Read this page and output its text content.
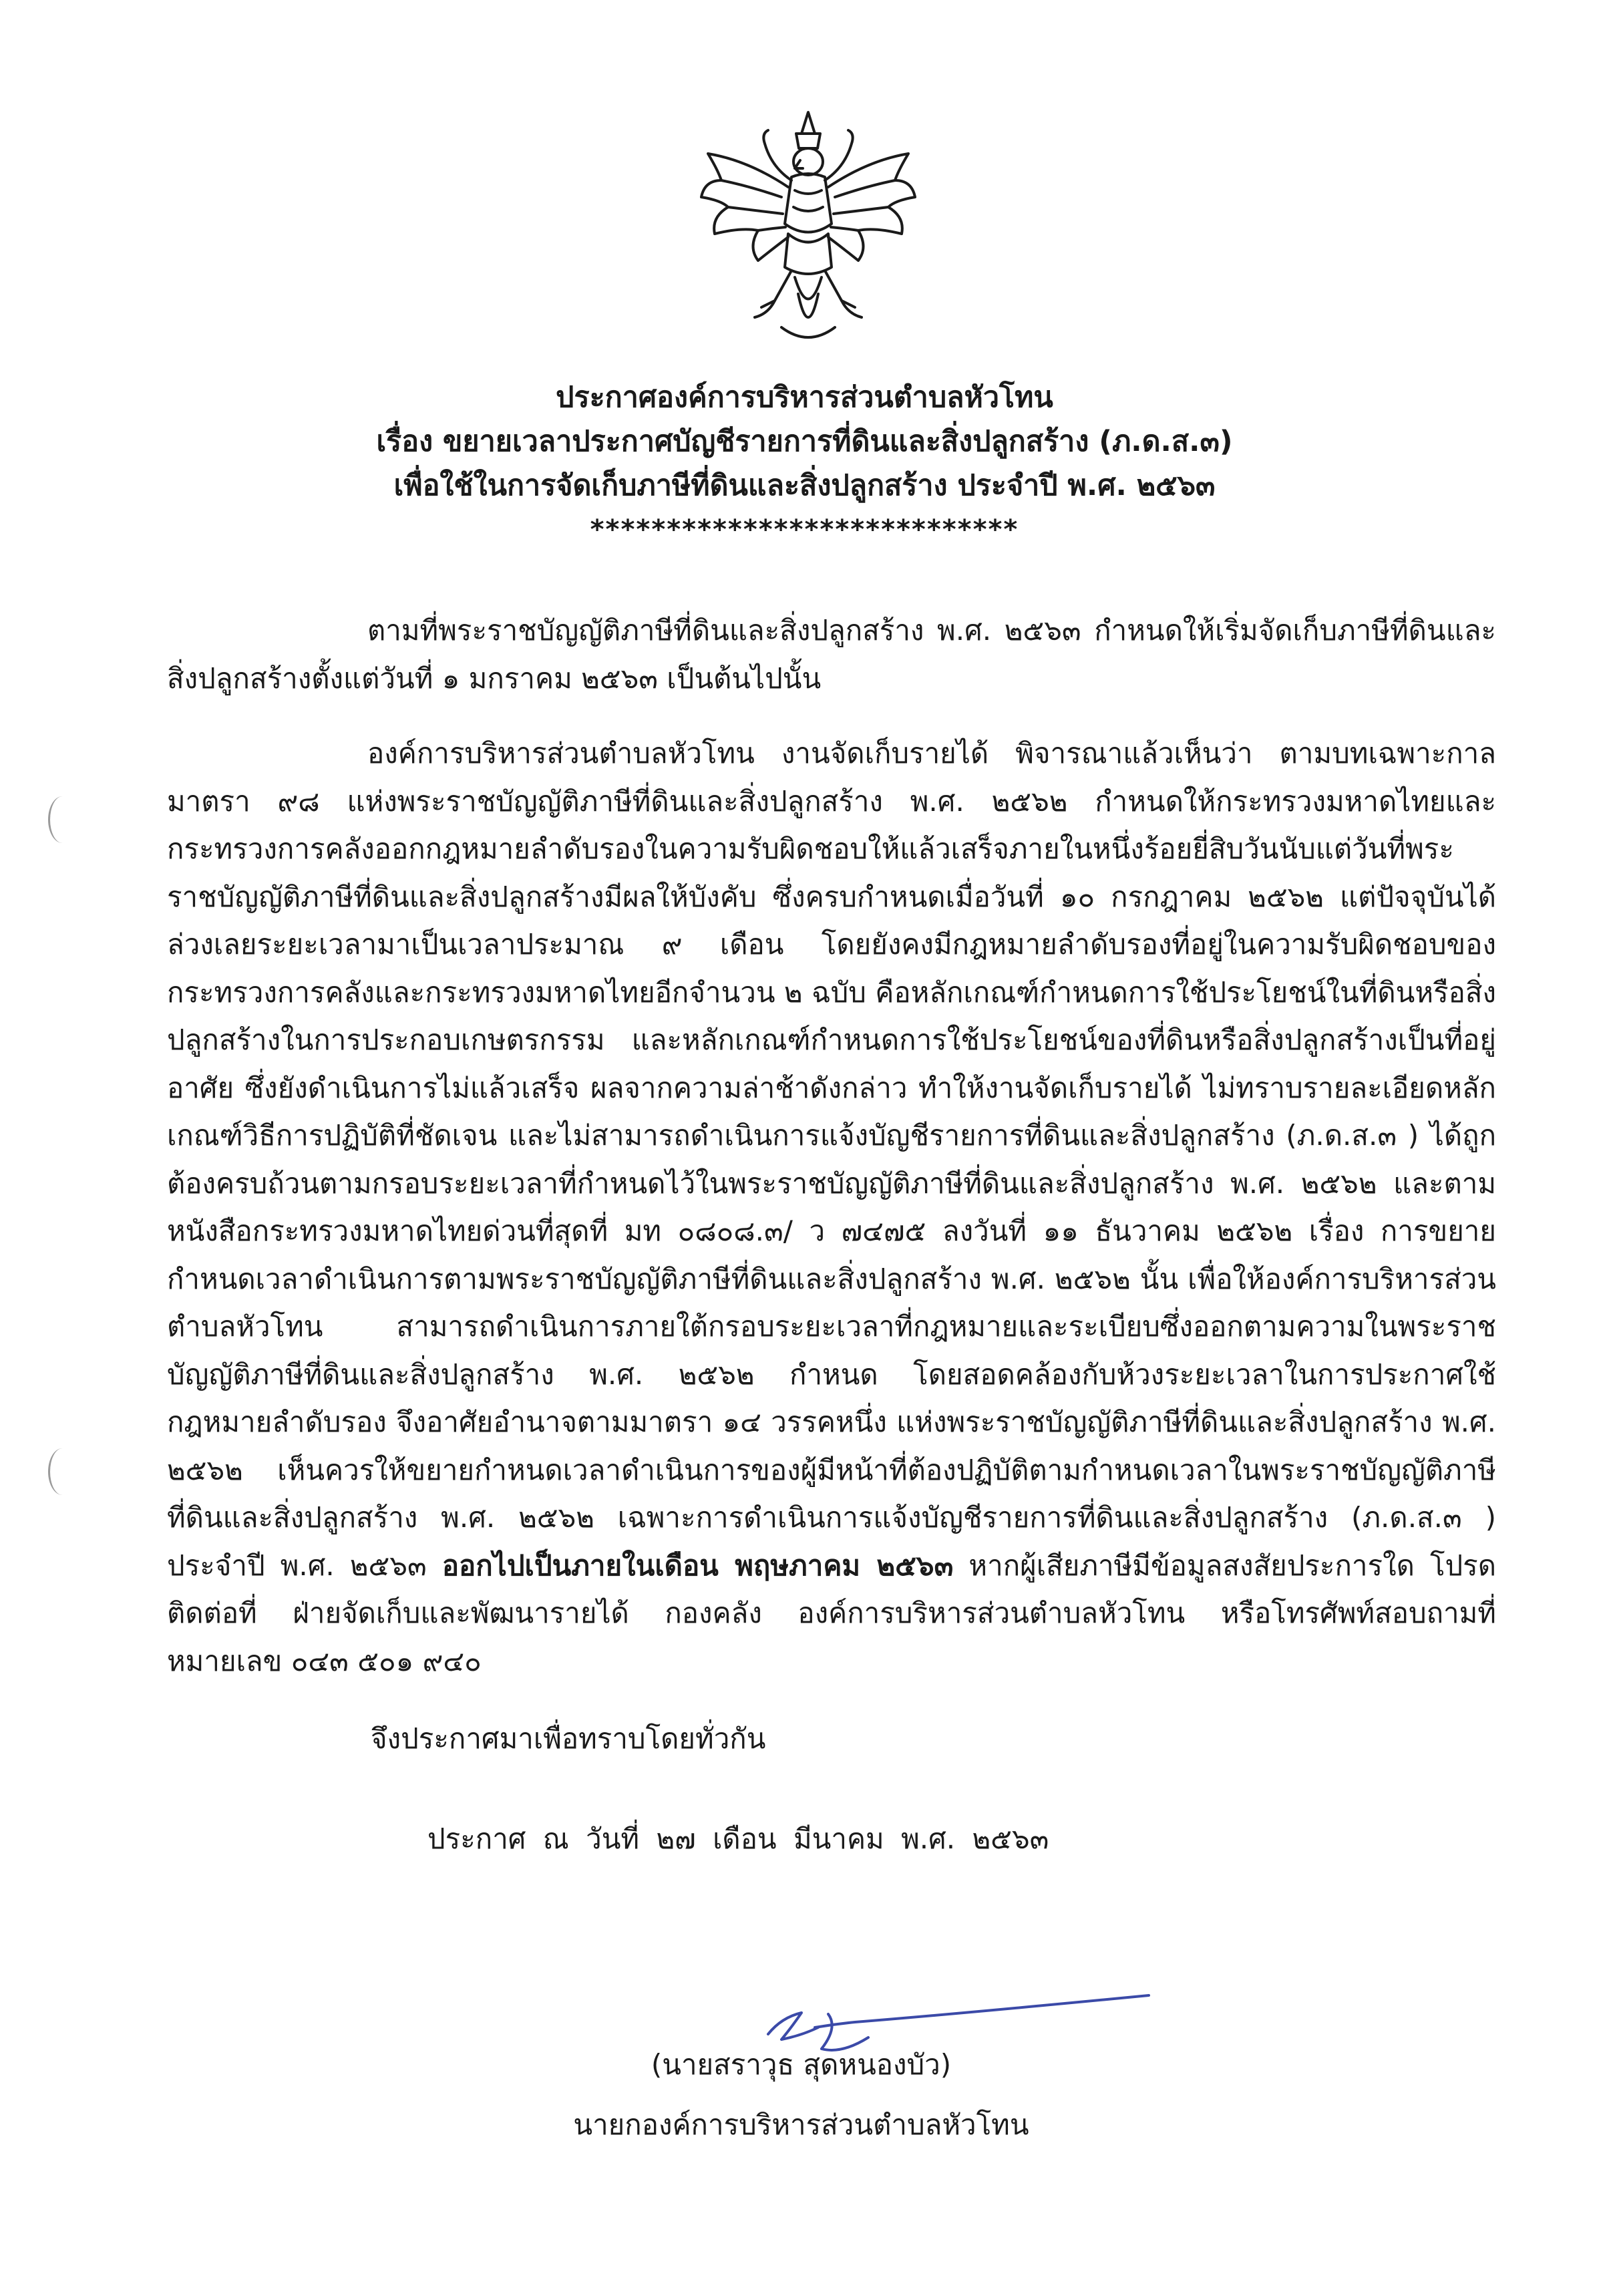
ประกาศองค์การบริหารส่วนตำบลหัวโทน
เรื่อง ขยายเวลาประกาศบัญชีรายการที่ดินและสิ่งปลูกสร้าง (ภ.ด.ส.๓)
เพื่อใช้ในการจัดเก็บภาษีที่ดินและสิ่งปลูกสร้าง ประจำปี พ.ศ. ๒๕๖๓
****************************
ตามที่พระราชบัญญัติภาษีที่ดินและสิ่งปลูกสร้าง พ.ศ. ๒๕๖๓ กำหนดให้เริ่มจัดเก็บภาษีที่ดินและสิ่งปลูกสร้างตั้งแต่วันที่ ๑ มกราคม ๒๕๖๓ เป็นต้นไปนั้น
องค์การบริหารส่วนตำบลหัวโทน งานจัดเก็บรายได้ พิจารณาแล้วเห็นว่า ตามบทเฉพาะกาลมาตรา ๙๘ แห่งพระราชบัญญัติภาษีที่ดินและสิ่งปลูกสร้าง พ.ศ. ๒๕๖๒ กำหนดให้กระทรวงมหาดไทยและกระทรวงการคลังออกกฎหมายลำดับรองในความรับผิดชอบให้แล้วเสร็จภายในหนึ่งร้อยยี่สิบวันนับแต่วันที่พระราชบัญญัติภาษีที่ดินและสิ่งปลูกสร้างมีผลให้บังคับ ซึ่งครบกำหนดเมื่อวันที่ ๑๐ กรกฎาคม ๒๕๖๒ แต่ปัจจุบันได้ล่วงเลยระยะเวลามาเป็นเวลาประมาณ ๙ เดือน โดยยังคงมีกฎหมายลำดับรองที่อยู่ในความรับผิดชอบของกระทรวงการคลังและกระทรวงมหาดไทยอีกจำนวน ๒ ฉบับ คือหลักเกณฑ์กำหนดการใช้ประโยชน์ในที่ดินหรือสิ่งปลูกสร้างในการประกอบเกษตรกรรม และหลักเกณฑ์กำหนดการใช้ประโยชน์ของที่ดินหรือสิ่งปลูกสร้างเป็นที่อยู่อาศัย ซึ่งยังดำเนินการไม่แล้วเสร็จ ผลจากความล่าช้าดังกล่าว ทำให้งานจัดเก็บรายได้ ไม่ทราบรายละเอียดหลักเกณฑ์วิธีการปฏิบัติที่ชัดเจน และไม่สามารถดำเนินการแจ้งบัญชีรายการที่ดินและสิ่งปลูกสร้าง (ภ.ด.ส.๓ ) ได้ถูกต้องครบถ้วนตามกรอบระยะเวลาที่กำหนดไว้ในพระราชบัญญัติภาษีที่ดินและสิ่งปลูกสร้าง พ.ศ. ๒๕๖๒ และตามหนังสือกระทรวงมหาดไทยด่วนที่สุดที่ มท ๐๘๐๘.๓/ ว ๗๔๗๕ ลงวันที่ ๑๑ ธันวาคม ๒๕๖๒ เรื่อง การขยายกำหนดเวลาดำเนินการตามพระราชบัญญัติภาษีที่ดินและสิ่งปลูกสร้าง พ.ศ. ๒๕๖๒ นั้น เพื่อให้องค์การบริหารส่วนตำบลหัวโทน สามารถดำเนินการภายใต้กรอบระยะเวลาที่กฎหมายและระเบียบซึ่งออกตามความในพระราชบัญญัติภาษีที่ดินและสิ่งปลูกสร้าง พ.ศ. ๒๕๖๒ กำหนด โดยสอดคล้องกับห้วงระยะเวลาในการประกาศใช้กฎหมายลำดับรอง จึงอาศัยอำนาจตามมาตรา ๑๔ วรรคหนึ่ง แห่งพระราชบัญญัติภาษีที่ดินและสิ่งปลูกสร้าง พ.ศ. ๒๕๖๒ เห็นควรให้ขยายกำหนดเวลาดำเนินการของผู้มีหน้าที่ต้องปฏิบัติตามกำหนดเวลาในพระราชบัญญัติภาษีที่ดินและสิ่งปลูกสร้าง พ.ศ. ๒๕๖๒ เฉพาะการดำเนินการแจ้งบัญชีรายการที่ดินและสิ่งปลูกสร้าง (ภ.ด.ส.๓ ) ประจำปี พ.ศ. ๒๕๖๓ ออกไปเป็นภายในเดือน พฤษภาคม ๒๕๖๓ หากผู้เสียภาษีมีข้อมูลสงสัยประการใด โปรดติดต่อที่ ฝ่ายจัดเก็บและพัฒนารายได้ กองคลัง องค์การบริหารส่วนตำบลหัวโทน หรือโทรศัพท์สอบถามที่หมายเลข ๐๔๓ ๕๐๑ ๙๔๐
จึงประกาศมาเพื่อทราบโดยทั่วกัน
ประกาศ ณ วันที่ ๒๗ เดือน มีนาคม พ.ศ. ๒๕๖๓
(นายสราวุธ สุดหนองบัว)
นายกองค์การบริหารส่วนตำบลหัวโทน
